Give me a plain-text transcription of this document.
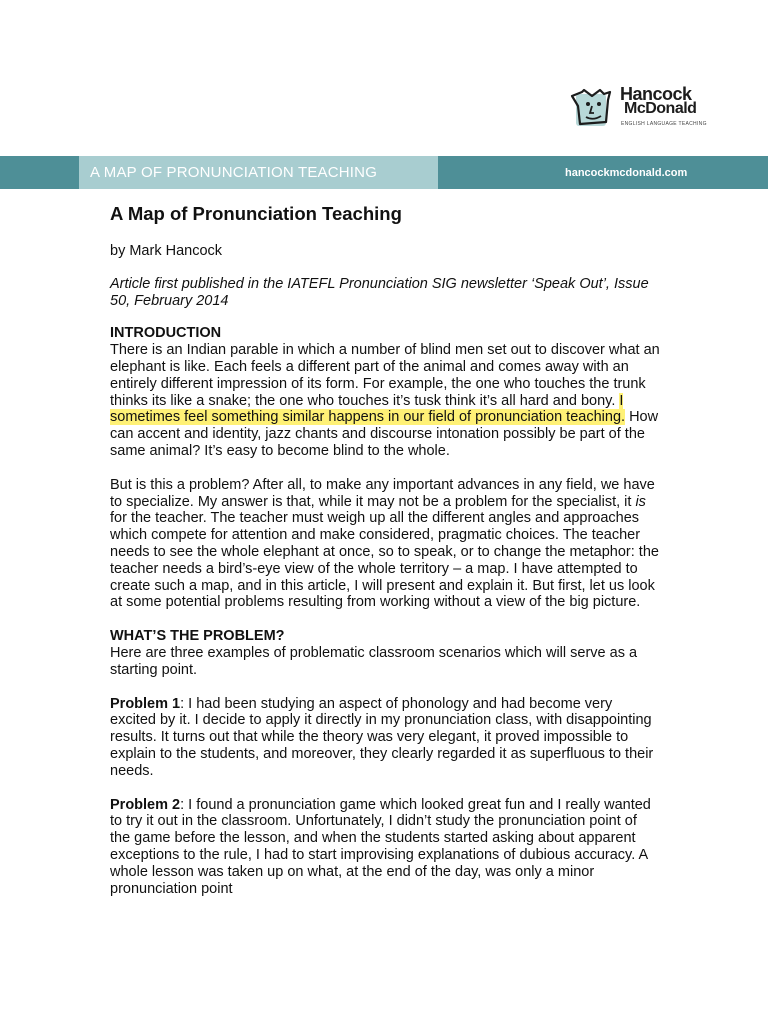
Hancock
McDonald
ENGLISH LANGUAGE TEACHING
A MAP OF PRONUNCIATION TEACHING	hancockmcdonald.com
A Map of Pronunciation Teaching

by Mark Hancock

Article first published in the IATEFL Pronunciation SIG newsletter ‘Speak Out’, Issue 50, February 2014

INTRODUCTION

There is an Indian parable in which a number of blind men set out to discover what an elephant is like. Each feels a different part of the animal and comes away with an entirely different impression of its form. For example, the one who touches the trunk thinks its like a snake; the one who touches it’s tusk think it’s all hard and bony. I sometimes feel something similar happens in our field of pronunciation teaching. How can accent and identity, jazz chants and discourse intonation possibly be part of the same animal? It’s easy to become blind to the whole.

But is this a problem? After all, to make any important advances in any field, we have to specialize. My answer is that, while it may not be a problem for the specialist, it is for the teacher. The teacher must weigh up all the different angles and approaches which compete for attention and make considered, pragmatic choices. The teacher needs to see the whole elephant at once, so to speak, or to change the metaphor: the teacher needs a bird’s-eye view of the whole territory – a map. I have attempted to create such a map, and in this article, I will present and explain it. But first, let us look at some potential problems resulting from working without a view of the big picture.

WHAT’S THE PROBLEM?

Here are three examples of problematic classroom scenarios which will serve as a starting point.

Problem 1: I had been studying an aspect of phonology and had become very excited by it. I decide to apply it directly in my pronunciation class, with disappointing results. It turns out that while the theory was very elegant, it proved impossible to explain to the students, and moreover, they clearly regarded it as superfluous to their needs.

Problem 2: I found a pronunciation game which looked great fun and I really wanted to try it out in the classroom. Unfortunately, I didn’t study the pronunciation point of the game before the lesson, and when the students started asking about apparent exceptions to the rule, I had to start improvising explanations of dubious accuracy. A whole lesson was taken up on what, at the end of the day, was only a minor pronunciation point
